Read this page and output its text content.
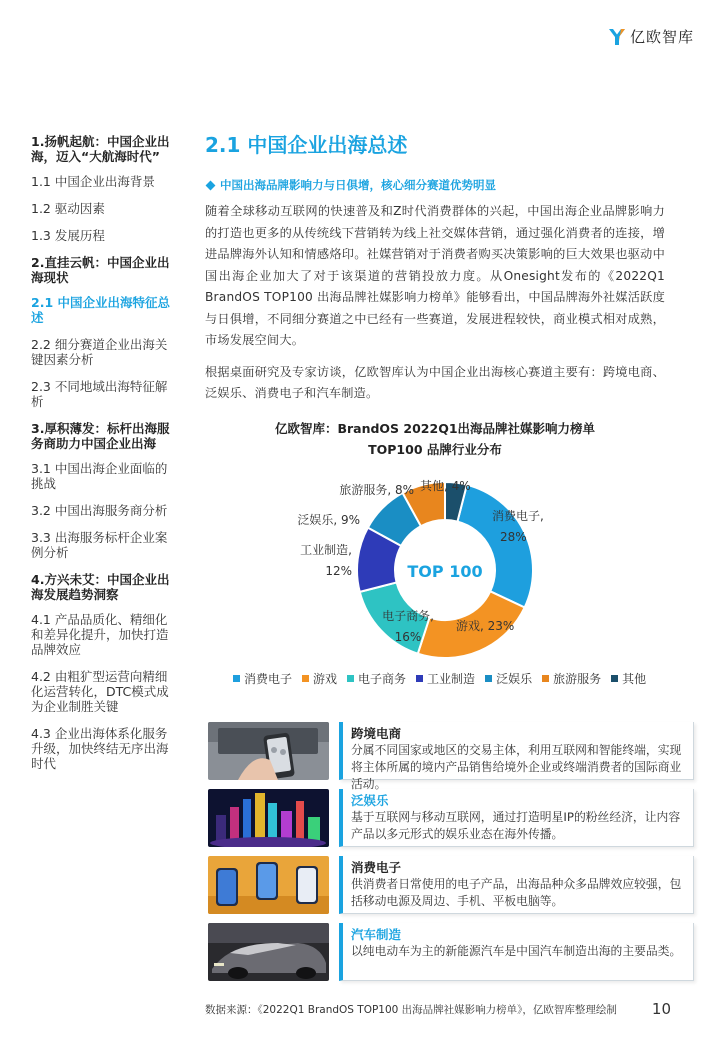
亿欧智库
1.扬帆起航：中国企业出海，迈入“大航海时代”
1.1 中国企业出海背景
1.2 驱动因素
1.3 发展历程
2.直挂云帆：中国企业出海现状
2.1 中国企业出海特征总述
2.2 细分赛道企业出海关键因素分析
2.3 不同地域出海特征解析
3.厚积薄发：标杆出海服务商助力中国企业出海
3.1 中国出海企业面临的挑战
3.2 中国出海服务商分析
3.3 出海服务标杆企业案例分析
4.方兴未艾：中国企业出海发展趋势洞察
4.1 产品品质化、精细化和差异化提升，加快打造品牌效应
4.2 由粗犷型运营向精细化运营转化，DTC模式成为企业制胜关键
4.3 企业出海体系化服务升级，加快终结无序出海时代
2.1 中国企业出海总述
中国出海品牌影响力与日俱增，核心细分赛道优势明显

随着全球移动互联网的快速普及和Z时代消费群体的兴起，中国出海企业品牌影响力的打造也更多的从传统线下营销转为线上社交媒体营销，通过强化消费者的连接，增进品牌海外认知和情感烙印。社媒营销对于消费者购买决策影响的巨大效果也驱动中国出海企业加大了对于该渠道的营销投放力度。从Onesight发布的《2022Q1 BrandOS TOP100 出海品牌社媒影响力榜单》能够看出，中国品牌海外社媒活跃度与日俱增，不同细分赛道之中已经有一些赛道，发展进程较快，商业模式相对成熟，市场发展空间大。

根据桌面研究及专家访谈，亿欧智库认为中国企业出海核心赛道主要有：跨境电商、泛娱乐、消费电子和汽车制造。

亿欧智库：BrandOS 2022Q1出海品牌社媒影响力榜单
TOP100 品牌行业分布
TOP 100
消费电子, 28%
游戏, 23%
电子商务, 16%
工业制造, 12%
泛娱乐, 9%
旅游服务, 8% 其他, 4%
消费电子 游戏 电子商务 工业制造 泛娱乐 旅游服务 其他
跨境电商
分属不同国家或地区的交易主体，利用互联网和智能终端，实现将主体所属的境内产品销售给境外企业或终端消费者的国际商业活动。
泛娱乐
基于互联网与移动互联网，通过打造明星IP的粉丝经济，让内容产品以多元形式的娱乐业态在海外传播。
消费电子
供消费者日常使用的电子产品，出海品种众多品牌效应较强，包括移动电源及周边、手机、平板电脑等。
汽车制造
以纯电动车为主的新能源汽车是中国汽车制造出海的主要品类。
数据来源：《2022Q1 BrandOS TOP100 出海品牌社媒影响力榜单》，亿欧智库整理绘制 10
